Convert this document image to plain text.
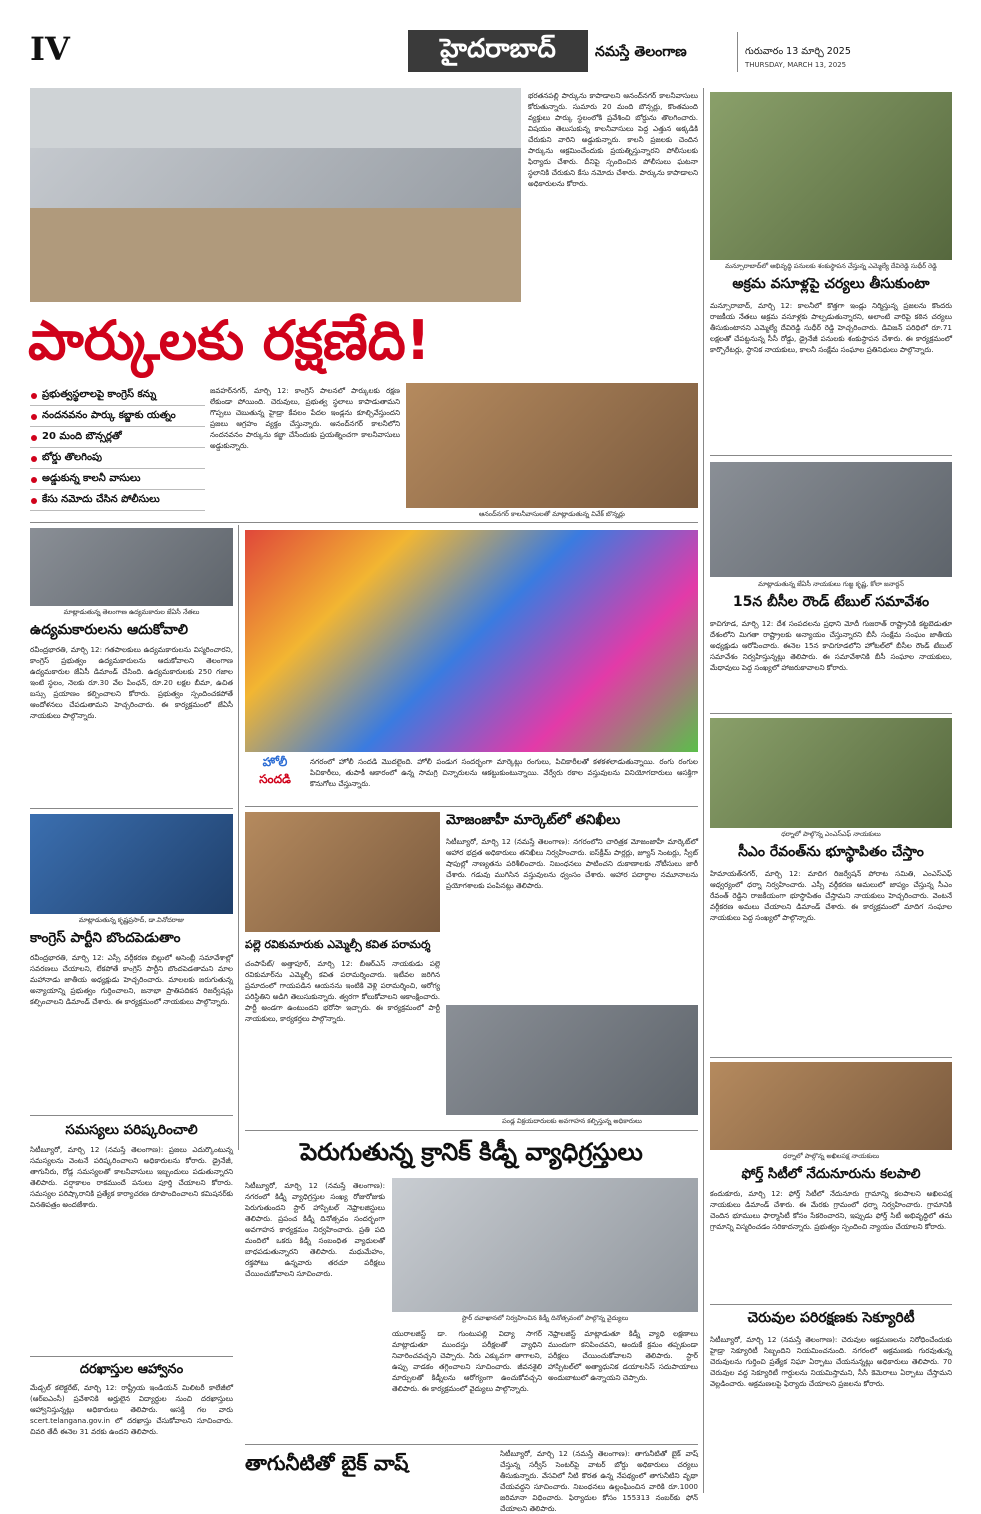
IV	హైదరాబాద్	నమస్తే తెలంగాణ	గురువారం 13 మార్చి 2025
THURSDAY, MARCH 13, 2025
భరతనపల్లి పార్కును కాపాడాలని ఆనంద్‌నగర్ కాలనీవాసులు కోరుతున్నారు. సుమారు 20 మంది బౌన్సర్లు, కొంతమంది వ్యక్తులు పార్కు స్థలంలోకి ప్రవేశించి బోర్డును తొలగించారు. విషయం తెలుసుకున్న కాలనీవాసులు పెద్ద ఎత్తున అక్కడికి చేరుకుని వారిని అడ్డుకున్నారు. కాలనీ ప్రజలకు చెందిన పార్కును ఆక్రమించేందుకు ప్రయత్నిస్తున్నారని పోలీసులకు ఫిర్యాదు చేశారు. దీనిపై స్పందించిన పోలీసులు ఘటనా స్థలానికి చేరుకుని కేసు నమోదు చేశారు. పార్కును కాపాడాలని అధికారులను కోరారు.
పార్కులకు రక్షణేది!
ప్రభుత్వస్థలాలపై కాంగ్రెస్ కన్ను
నందనవనం పార్కు కబ్జాకు యత్నం
20 మంది బౌన్సర్లతో
బోర్డు తొలగింపు
అడ్డుకున్న కాలనీ వాసులు
కేసు నమోదు చేసిన పోలీసులు
జవహర్‌నగర్, మార్చి 12: కాంగ్రెస్ పాలనలో పార్కులకు రక్షణ లేకుండా పోయింది. చెరువులు, ప్రభుత్వ స్థలాలు కాపాడుతామని గొప్పలు చెబుతున్న హైడ్రా కేవలం పేదల ఇండ్లను కూల్చివేస్తుందని ప్రజలు ఆగ్రహం వ్యక్తం చేస్తున్నారు. ఆనంద్‌నగర్ కాలనీలోని నందనవనం పార్కును కబ్జా చేసేందుకు ప్రయత్నించగా కాలనీవాసులు అడ్డుకున్నారు.
ఆనంద్‌నగర్ కాలనీవాసులతో మాట్లాడుతున్న వివేక్ బొన్నర్లు
మన్సూరాబాద్‌లో అభివృద్ధి పనులకు శంకుస్థాపన చేస్తున్న ఎమ్మెల్యే దేవిరెడ్డి సుధీర్ రెడ్డి
అక్రమ వసూళ్లపై చర్యలు తీసుకుంటా
మన్సూరాబాద్, మార్చి 12: కాలనీలో కొత్తగా ఇండ్లు నిర్మిస్తున్న ప్రజలను కొందరు రాజకీయ నేతలు అక్రమ వసూళ్లకు పాల్పడుతున్నారని, అలాంటి వారిపై కఠిన చర్యలు తీసుకుంటానని ఎమ్మెల్యే దేవిరెడ్డి సుధీర్ రెడ్డి హెచ్చరించారు. డివిజన్ పరిధిలో రూ.71 లక్షలతో చేపట్టనున్న సీసీ రోడ్డు, డ్రైనేజీ పనులకు శంకుస్థాపన చేశారు. ఈ కార్యక్రమంలో కార్పొరేటర్లు, స్థానిక నాయకులు, కాలనీ సంక్షేమ సంఘాల ప్రతినిధులు పాల్గొన్నారు.
మాట్లాడుతున్న జేఏసీ నాయకులు గుజ్జ కృష్ణ, కోలా జనార్దన్
15న బీసీల రౌండ్ టేబుల్ సమావేశం
కాచిగూడ, మార్చి 12: దేశ సంపదలను ప్రధాని మోదీ గుజరాత్ రాష్ట్రానికి కట్టబెడుతూ దేశంలోని మిగతా రాష్ట్రాలకు అన్యాయం చేస్తున్నారని బీసీ సంక్షేమ సంఘం జాతీయ అధ్యక్షుడు ఆరోపించారు. ఈనెల 15న కాచిగూడలోని హోటల్‌లో బీసీల రౌండ్ టేబుల్ సమావేశం నిర్వహిస్తున్నట్లు తెలిపారు. ఈ సమావేశానికి బీసీ సంఘాల నాయకులు, మేధావులు పెద్ద సంఖ్యలో హాజరుకావాలని కోరారు.
మాట్లాడుతున్న తెలంగాణ ఉద్యమకారుల జేఏసీ నేతలు
ఉద్యమకారులను ఆదుకోవాలి
రవీంద్రభారతి, మార్చి 12: గతపాలకులు ఉద్యమకారులను విస్మరించారని, కాంగ్రెస్ ప్రభుత్వం ఉద్యమకారులను ఆదుకోవాలని తెలంగాణ ఉద్యమకారుల జేఏసీ డిమాండ్ చేసింది. ఉద్యమకారులకు 250 గజాల ఇంటి స్థలం, నెలకు రూ.30 వేల పింఛన్, రూ.20 లక్షల బీమా, ఉచిత బస్సు ప్రయాణం కల్పించాలని కోరారు. ప్రభుత్వం స్పందించకపోతే ఆందోళనలు చేపడుతామని హెచ్చరించారు. ఈ కార్యక్రమంలో జేఏసీ నాయకులు పాల్గొన్నారు.
మాట్లాడుతున్న కృష్ణప్రసాద్, డా.వినోదరాజు
కాంగ్రెస్ పార్టీని బొందపెడుతాం
రవీంద్రభారతి, మార్చి 12: ఎస్సీ వర్గీకరణ బిల్లులో అసెంబ్లీ సమావేశాల్లో సవరణలు చేయాలని, లేకపోతే కాంగ్రెస్ పార్టీని బొందపెడతామని మాల మహానాడు జాతీయ అధ్యక్షుడు హెచ్చరించారు. మాలలకు జరుగుతున్న అన్యాయాన్ని ప్రభుత్వం గుర్తించాలని, జనాభా ప్రాతిపదికన రిజర్వేషన్లు కల్పించాలని డిమాండ్ చేశారు. ఈ కార్యక్రమంలో నాయకులు పాల్గొన్నారు.
సమస్యలు పరిష్కరించాలి
సిటీబ్యూరో, మార్చి 12 (నమస్తే తెలంగాణ): ప్రజలు ఎదుర్కొంటున్న సమస్యలను వెంటనే పరిష్కరించాలని అధికారులను కోరారు. డ్రైనేజీ, తాగునీరు, రోడ్ల సమస్యలతో కాలనీవాసులు ఇబ్బందులు పడుతున్నారని తెలిపారు. వర్షాకాలం రాకముందే పనులు పూర్తి చేయాలని కోరారు. సమస్యల పరిష్కారానికి ప్రత్యేక కార్యాచరణ రూపొందించాలని కమిషనర్‌కు వినతిపత్రం అందజేశారు.
దరఖాస్తుల ఆహ్వానం
మేడ్చల్ కలెక్టరేట్, మార్చి 12: రాష్ట్రీయ ఇండియన్ మిలిటరీ కాలేజీలో (ఆర్ఐఎంసీ) ప్రవేశానికి అర్హులైన విద్యార్థుల నుంచి దరఖాస్తులు ఆహ్వానిస్తున్నట్లు అధికారులు తెలిపారు. ఆసక్తి గల వారు scert.telangana.gov.in లో దరఖాస్తు చేసుకోవాలని సూచించారు. చివరి తేదీ ఈనెల 31 వరకు ఉందని తెలిపారు.
హోలీ
సందడి
నగరంలో హోలీ సందడి మొదలైంది. హోలీ పండుగ సందర్భంగా మార్కెట్లు రంగులు, పిచికారీలతో కళకళలాడుతున్నాయి. రంగు రంగుల పిచికారీలు, తుపాకీ ఆకారంలో ఉన్న సామగ్రి చిన్నారులను ఆకట్టుకుంటున్నాయి. వేర్వేరు రకాల వస్తువులను వినియోగదారులు ఆసక్తిగా కొనుగోలు చేస్తున్నారు.
పల్లె రవికుమారుకు ఎమ్మెల్సీ కవిత పరామర్శ
చంపాపేట్/ అత్తాపూర్, మార్చి 12: బీఆర్ఎస్ నాయకుడు పల్లె రవికుమార్‌ను ఎమ్మెల్సీ కవిత పరామర్శించారు. ఇటీవల జరిగిన ప్రమాదంలో గాయపడిన ఆయనను ఇంటికి వెళ్లి పరామర్శించి, ఆరోగ్య పరిస్థితిని అడిగి తెలుసుకున్నారు. త్వరగా కోలుకోవాలని ఆకాంక్షించారు. పార్టీ అండగా ఉంటుందని భరోసా ఇచ్చారు. ఈ కార్యక్రమంలో పార్టీ నాయకులు, కార్యకర్తలు పాల్గొన్నారు.
మోజంజాహీ మార్కెట్‌లో తనిఖీలు
సిటీబ్యూరో, మార్చి 12 (నమస్తే తెలంగాణ): నగరంలోని చారిత్రక మోజంజాహీ మార్కెట్‌లో ఆహార భద్రత అధికారులు తనిఖీలు నిర్వహించారు. ఐస్‌క్రీమ్ పార్లర్లు, జ్యూస్ సెంటర్లు, స్వీట్ షాపుల్లో నాణ్యతను పరిశీలించారు. నిబంధనలు పాటించని దుకాణాలకు నోటీసులు జారీ చేశారు. గడువు ముగిసిన వస్తువులను ధ్వంసం చేశారు. ఆహార పదార్థాల నమూనాలను ప్రయోగశాలకు పంపినట్లు తెలిపారు.
పండ్ల విక్రయదారులకు అవగాహన కల్పిస్తున్న అధికారులు
పెరుగుతున్న క్రానిక్ కిడ్నీ వ్యాధిగ్రస్తులు
సిటీబ్యూరో, మార్చి 12 (నమస్తే తెలంగాణ): నగరంలో కిడ్నీ వ్యాధిగ్రస్తుల సంఖ్య రోజురోజుకు పెరుగుతుందని స్టార్ హాస్పిటల్ నెఫ్రాలజిస్టులు తెలిపారు. ప్రపంచ కిడ్నీ దినోత్సవం సందర్భంగా అవగాహన కార్యక్రమం నిర్వహించారు. ప్రతి పది మందిలో ఒకరు కిడ్నీ సంబంధిత వ్యాధులతో బాధపడుతున్నారని తెలిపారు. మధుమేహం, రక్తపోటు ఉన్నవారు తరచూ పరీక్షలు చేయించుకోవాలని సూచించారు.
స్టార్ దవాఖానలో నిర్వహించిన కిడ్నీ దినోత్సవంలో పాల్గొన్న వైద్యులు
యురాలజిస్ట్ డా. గుంటుపల్లి విద్యా సాగర్ మాట్లాడుతూ ముందస్తు పరీక్షలతో వ్యాధిని నివారించవచ్చని చెప్పారు. నీరు ఎక్కువగా తాగాలని, ఉప్పు వాడకం తగ్గించాలని సూచించారు. జీవనశైలి మార్పులతో కిడ్నీలను ఆరోగ్యంగా ఉంచుకోవచ్చని తెలిపారు. ఈ కార్యక్రమంలో వైద్యులు పాల్గొన్నారు.
నెఫ్రాలజిస్ట్ మాట్లాడుతూ కిడ్నీ వ్యాధి లక్షణాలు ముందుగా కనిపించవని, అందుకే క్రమం తప్పకుండా పరీక్షలు చేయించుకోవాలని తెలిపారు. స్టార్ హాస్పిటల్‌లో అత్యాధునిక డయాలసిస్ సదుపాయాలు అందుబాటులో ఉన్నాయని చెప్పారు.
తాగునీటితో బైక్ వాష్	సిటీబ్యూరో, మార్చి 12 (నమస్తే తెలంగాణ): తాగునీటితో బైక్ వాష్ చేస్తున్న సర్వీస్ సెంటర్‌పై వాటర్ బోర్డు అధికారులు చర్యలు తీసుకున్నారు. వేసవిలో నీటి కొరత ఉన్న నేపథ్యంలో తాగునీటిని వృథా చేయవద్దని సూచించారు. నిబంధనలు ఉల్లంఘించిన వారికి రూ.1000 జరిమానా విధించారు. ఫిర్యాదుల కోసం 155313 నంబర్‌కు ఫోన్ చేయాలని తెలిపారు.
ధర్నాలో పాల్గొన్న ఎంఎస్ఎఫ్ నాయకులు
సీఎం రేవంత్‌ను భూస్థాపితం చేస్తాం
హిమాయత్‌నగర్, మార్చి 12: మాదిగ రిజర్వేషన్ పోరాట సమితి, ఎంఎస్ఎఫ్ ఆధ్వర్యంలో ధర్నా నిర్వహించారు. ఎస్సీ వర్గీకరణ అమలులో జాప్యం చేస్తున్న సీఎం రేవంత్ రెడ్డిని రాజకీయంగా భూస్థాపితం చేస్తామని నాయకులు హెచ్చరించారు. వెంటనే వర్గీకరణ అమలు చేయాలని డిమాండ్ చేశారు. ఈ కార్యక్రమంలో మాదిగ సంఘాల నాయకులు పెద్ద సంఖ్యలో పాల్గొన్నారు.
ధర్నాలో పాల్గొన్న అఖిలపక్ష నాయకులు
ఫోర్త్ సిటీలో నేదునూరును కలపాలి
కందుకూరు, మార్చి 12: ఫోర్త్ సిటీలో నేదునూరు గ్రామాన్ని కలపాలని అఖిలపక్ష నాయకులు డిమాండ్ చేశారు. ఈ మేరకు గ్రామంలో ధర్నా నిర్వహించారు. గ్రామానికి చెందిన భూములు ఫార్మాసిటీ కోసం సేకరించారని, ఇప్పుడు ఫోర్త్ సిటీ అభివృద్ధిలో తమ గ్రామాన్ని విస్మరించడం సరికాదన్నారు. ప్రభుత్వం స్పందించి న్యాయం చేయాలని కోరారు.
చెరువుల పరిరక్షణకు సెక్యూరిటీ
సిటీబ్యూరో, మార్చి 12 (నమస్తే తెలంగాణ): చెరువుల ఆక్రమణలను నిరోధించేందుకు హైడ్రా సెక్యూరిటీ సిబ్బందిని నియమించనుంది. నగరంలో ఆక్రమణకు గురవుతున్న చెరువులను గుర్తించి ప్రత్యేక నిఘా ఏర్పాటు చేయనున్నట్లు అధికారులు తెలిపారు. 70 చెరువుల వద్ద సెక్యూరిటీ గార్డులను నియమిస్తామని, సీసీ కెమెరాలు ఏర్పాటు చేస్తామని వెల్లడించారు. ఆక్రమణలపై ఫిర్యాదు చేయాలని ప్రజలను కోరారు.
